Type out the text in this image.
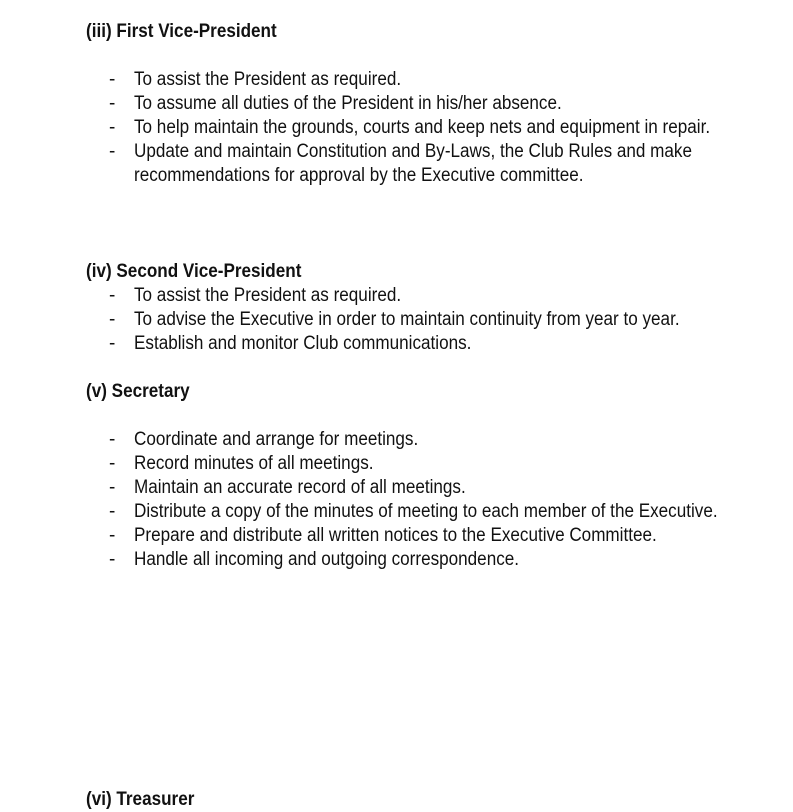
(iii) First Vice-President
- To assist the President as required.
- To assume all duties of the President in his/her absence.
- To help maintain the grounds, courts and keep nets and equipment in repair.
- Update and maintain Constitution and By-Laws, the Club Rules and make recommendations for approval by the Executive committee.
(iv) Second Vice-President
- To assist the President as required.
- To advise the Executive in order to maintain continuity from year to year.
- Establish and monitor Club communications.
(v) Secretary
- Coordinate and arrange for meetings.
- Record minutes of all meetings.
- Maintain an accurate record of all meetings.
- Distribute a copy of the minutes of meeting to each member of the Executive.
- Prepare and distribute all written notices to the Executive Committee.
- Handle all incoming and outgoing correspondence.
(vi) Treasurer
